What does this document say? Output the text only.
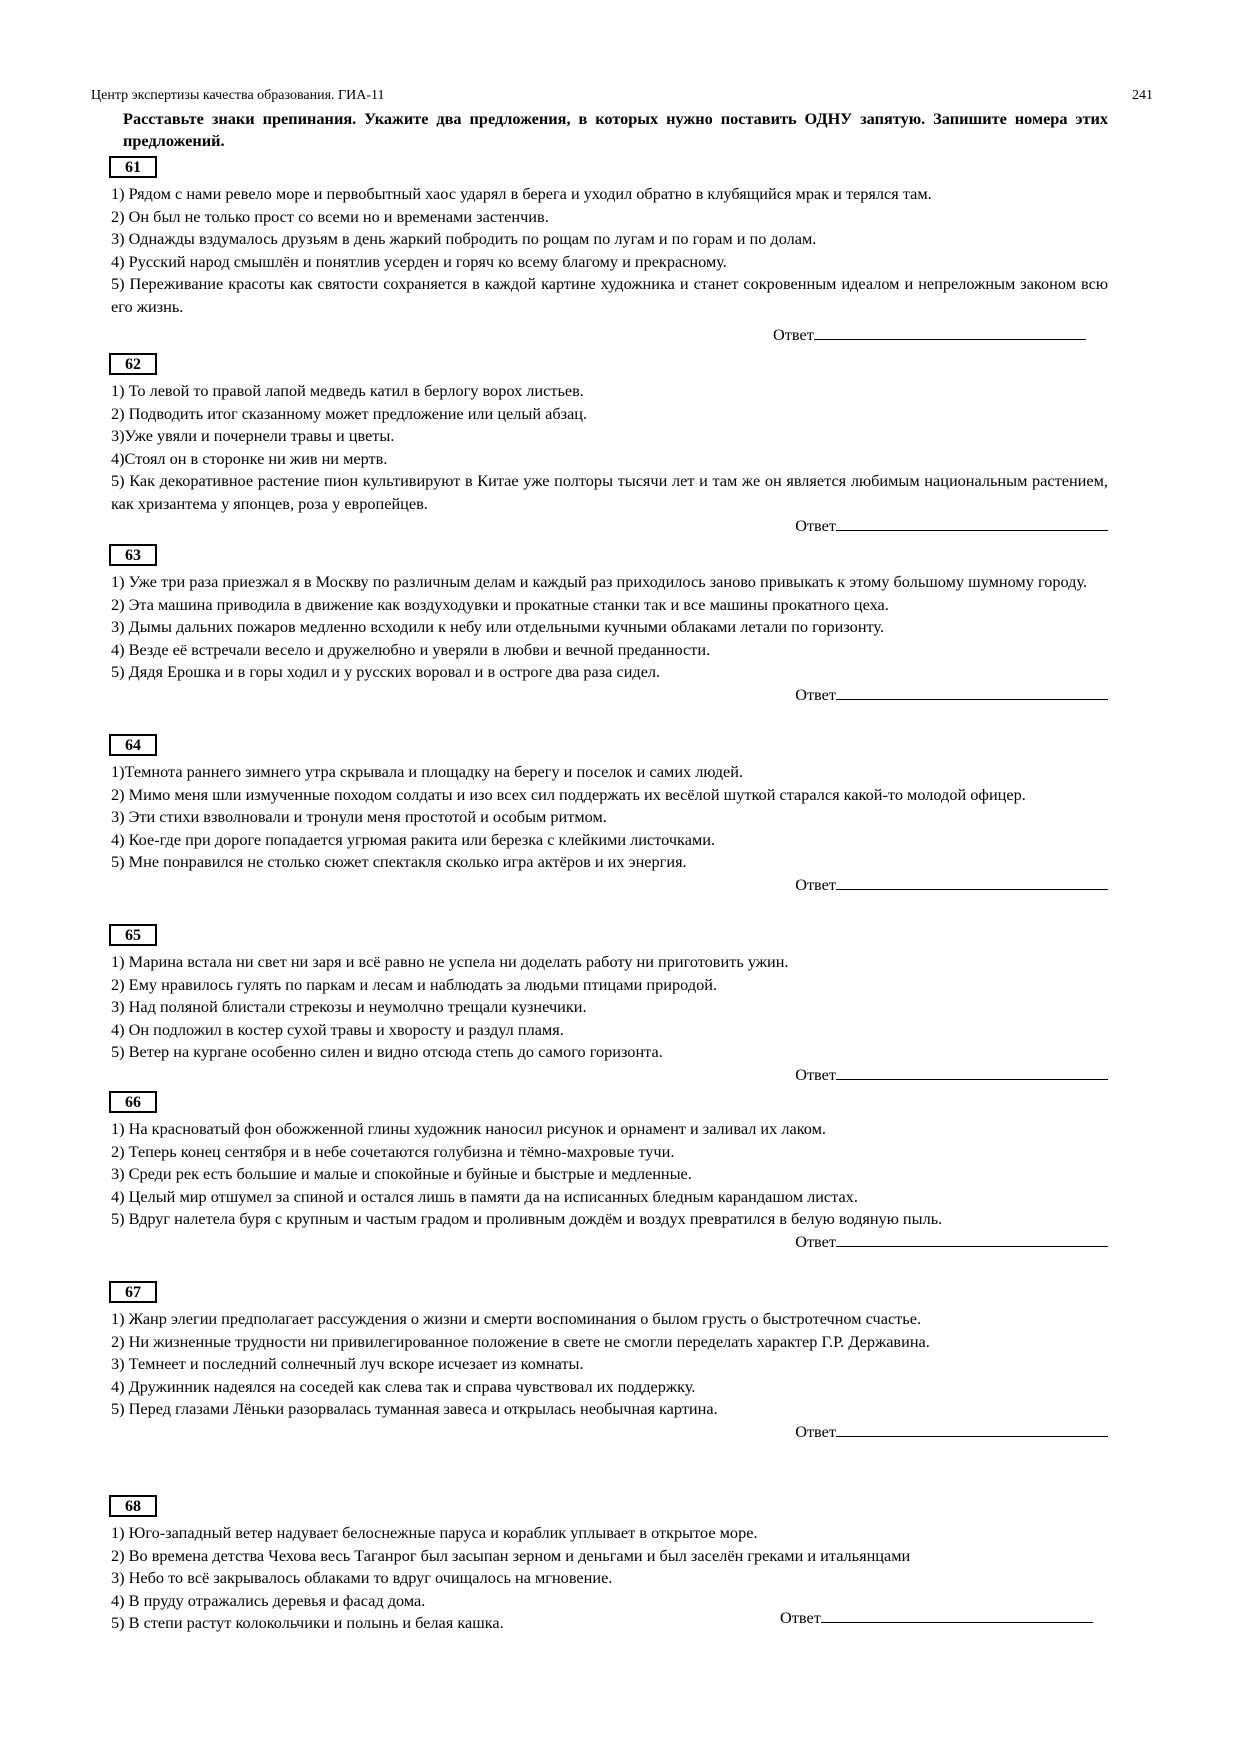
Центр экспертизы качества образования. ГИА-11	241
Расставьте знаки препинания. Укажите два предложения, в которых нужно поставить ОДНУ запятую. Запишите номера этих предложений.
61

1) Рядом с нами ревело море и первобытный хаос ударял в берега и уходил обратно в клубящийся мрак и терялся там.

2) Он был не только прост со всеми но и временами застенчив.

3) Однажды вздумалось друзьям в день жаркий побродить по рощам по лугам и по горам и по долам.

4) Русский народ смышлён и понятлив усерден и горяч ко всему благому и прекрасному.

5) Переживание красоты как святости сохраняется в каждой картине художника и станет сокровенным идеалом и непреложным законом всю его жизнь.

Ответ
62

1) То левой то правой лапой медведь катил в берлогу ворох листьев.

2) Подводить итог сказанному может предложение или целый абзац.

3)Уже увяли и почернели травы и цветы.

4)Стоял он в сторонке ни жив ни мертв.

5) Как декоративное растение пион культивируют в Китае уже полторы тысячи лет и там же он является любимым национальным растением, как хризантема у японцев, роза у европейцев.

Ответ
63

1) Уже три раза приезжал я в Москву по различным делам и каждый раз приходилось заново привыкать к этому большому шумному городу.

2) Эта машина приводила в движение как воздуходувки и прокатные станки так и все машины прокатного цеха.

3) Дымы дальних пожаров медленно всходили к небу или отдельными кучными облаками летали по горизонту.

4) Везде её встречали весело и дружелюбно и уверяли в любви и вечной преданности.

5) Дядя Ерошка и в горы ходил и у русских воровал и в остроге два раза сидел.

Ответ
64

1)Темнота раннего зимнего утра скрывала и площадку на берегу и поселок и самих людей.

2) Мимо меня шли измученные походом солдаты и изо всех сил поддержать их весёлой шуткой старался какой-то молодой офицер.

3) Эти стихи взволновали и тронули меня простотой и особым ритмом.

4) Кое-где при дороге попадается угрюмая ракита или березка с клейкими листочками.

5) Мне понравился не столько сюжет спектакля сколько игра актёров и их энергия.

Ответ
65

1) Марина встала ни свет ни заря и всё равно не успела ни доделать работу ни приготовить ужин.

2) Ему нравилось гулять по паркам и лесам и наблюдать за людьми птицами природой.

3) Над поляной блистали стрекозы и неумолчно трещали кузнечики.

4) Он подложил в костер сухой травы и хворосту и раздул пламя.

5) Ветер на кургане особенно силен и видно отсюда степь до самого горизонта.

Ответ
66

1) На красноватый фон обожженной глины художник наносил рисунок и орнамент и заливал их лаком.

2) Теперь конец сентября и в небе сочетаются голубизна и тёмно-махровые тучи.

3) Среди рек есть большие и малые и спокойные и буйные и быстрые и медленные.

4) Целый мир отшумел за спиной и остался лишь в памяти да на исписанных бледным карандашом листах.

5) Вдруг налетела буря с крупным и частым градом и проливным дождём и воздух превратился в белую водяную пыль.

Ответ
67

1) Жанр элегии предполагает рассуждения о жизни и смерти воспоминания о былом грусть о быстротечном счастье.

2) Ни жизненные трудности ни привилегированное положение в свете не смогли переделать характер Г.Р. Державина.

3) Темнеет и последний солнечный луч вскоре исчезает из комнаты.

4) Дружинник надеялся на соседей как слева так и справа чувствовал их поддержку.

5) Перед глазами Лёньки разорвалась туманная завеса и открылась необычная картина.

Ответ
68

1) Юго-западный ветер надувает белоснежные паруса и кораблик уплывает в открытое море.

2) Во времена детства Чехова весь Таганрог был засыпан зерном и деньгами и был заселён греками и итальянцами

3) Небо то всё закрывалось облаками то вдруг очищалось на мгновение.

4) В пруду отражались деревья и фасад дома.

5) В степи растут колокольчики и полынь и белая кашка.	Ответ
